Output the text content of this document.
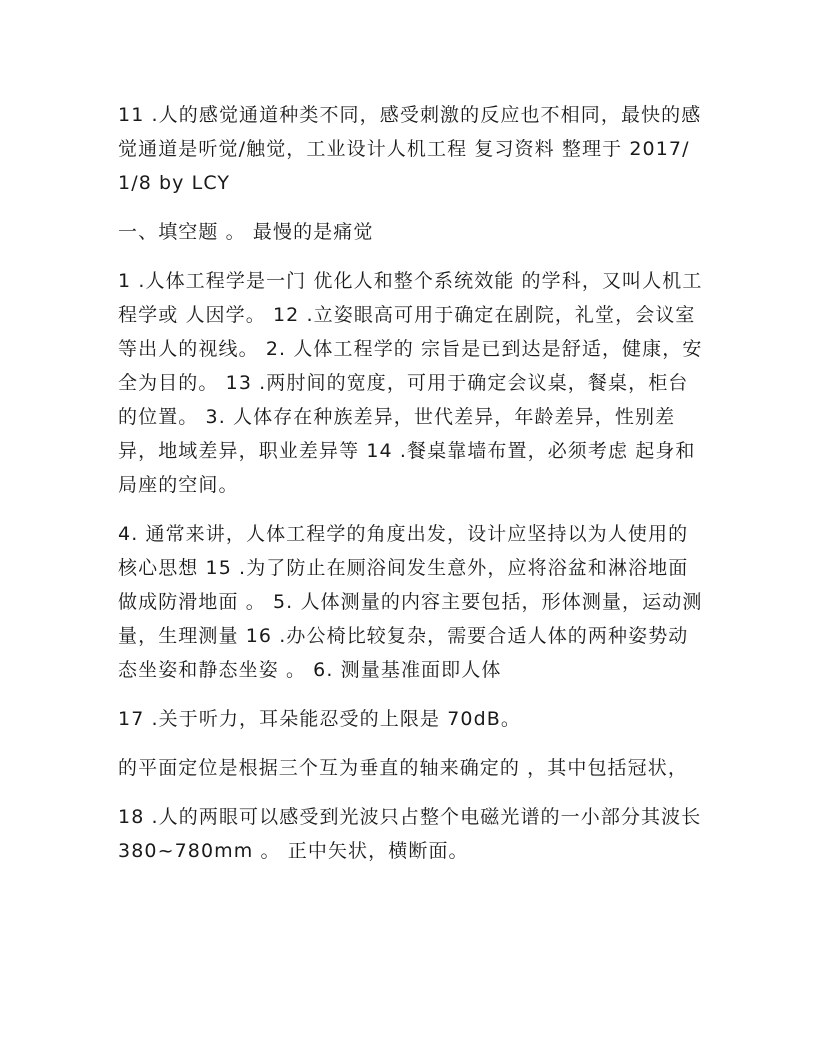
11 .人的感觉通道种类不同，感受刺激的反应也不相同，最快的感觉通道是听觉/触觉，工业设计人机工程 复习资料 整理于 2017/1/8 by LCY

一、填空题 。 最慢的是痛觉

1 .人体工程学是一门 优化人和整个系统效能 的学科，又叫人机工程学或 人因学。 12 .立姿眼高可用于确定在剧院，礼堂，会议室等出人的视线。 2. 人体工程学的 宗旨是已到达是舒适，健康，安全为目的。 13 .两肘间的宽度，可用于确定会议桌，餐桌，柜台的位置。 3. 人体存在种族差异，世代差异，年龄差异，性别差异，地域差异，职业差异等 14 .餐桌靠墙布置，必须考虑 起身和局座的空间。

4. 通常来讲，人体工程学的角度出发，设计应坚持以为人使用的核心思想 15 .为了防止在厕浴间发生意外，应将浴盆和淋浴地面做成防滑地面 。 5. 人体测量的内容主要包括，形体测量，运动测量，生理测量 16 .办公椅比较复杂，需要合适人体的两种姿势动态坐姿和静态坐姿 。 6. 测量基准面即人体

17 .关于听力，耳朵能忍受的上限是 70dB。

的平面定位是根据三个互为垂直的轴来确定的 ，其中包括冠状，

18 .人的两眼可以感受到光波只占整个电磁光谱的一小部分其波长 380~780mm 。 正中矢状，横断面。
